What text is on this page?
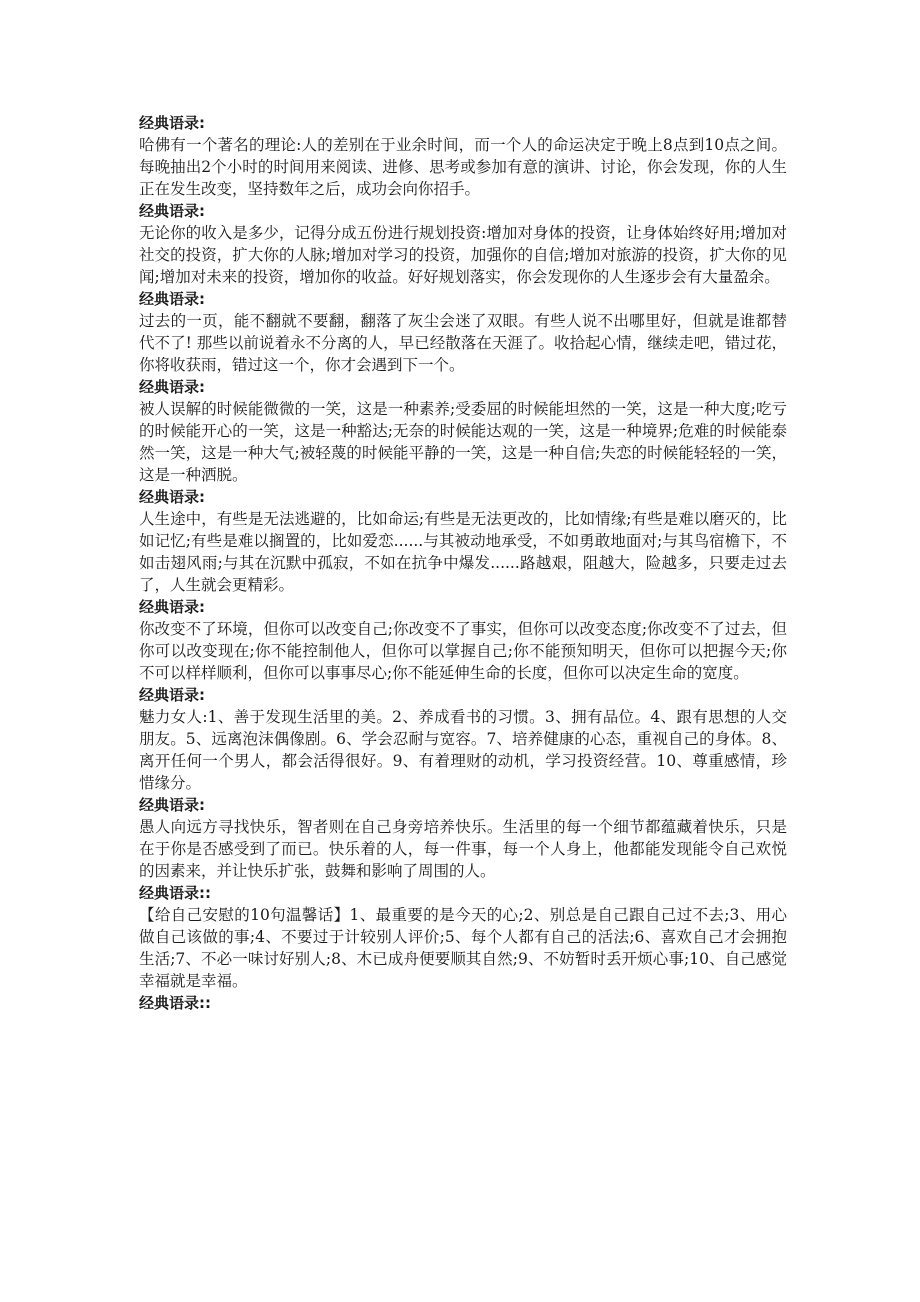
经典语录:

哈佛有一个著名的理论:人的差别在于业余时间，而一个人的命运决定于晚上8点到10点之间。每晚抽出2个小时的时间用来阅读、进修、思考或参加有意的演讲、讨论，你会发现，你的人生正在发生改变，坚持数年之后，成功会向你招手。

经典语录:

无论你的收入是多少，记得分成五份进行规划投资:增加对身体的投资，让身体始终好用;增加对社交的投资，扩大你的人脉;增加对学习的投资，加强你的自信;增加对旅游的投资，扩大你的见闻;增加对未来的投资，增加你的收益。好好规划落实，你会发现你的人生逐步会有大量盈余。

经典语录:

过去的一页，能不翻就不要翻，翻落了灰尘会迷了双眼。有些人说不出哪里好，但就是谁都替代不了! 那些以前说着永不分离的人，早已经散落在天涯了。收拾起心情，继续走吧，错过花，你将收获雨，错过这一个，你才会遇到下一个。

经典语录:

被人误解的时候能微微的一笑，这是一种素养;受委屈的时候能坦然的一笑，这是一种大度;吃亏的时候能开心的一笑，这是一种豁达;无奈的时候能达观的一笑，这是一种境界;危难的时候能泰然一笑，这是一种大气;被轻蔑的时候能平静的一笑，这是一种自信;失恋的时候能轻轻的一笑，这是一种洒脱。

经典语录:

人生途中，有些是无法逃避的，比如命运;有些是无法更改的，比如情缘;有些是难以磨灭的，比如记忆;有些是难以搁置的，比如爱恋......与其被动地承受，不如勇敢地面对;与其鸟宿檐下，不如击翅风雨;与其在沉默中孤寂，不如在抗争中爆发......路越艰，阻越大，险越多，只要走过去了，人生就会更精彩。

经典语录:

你改变不了环境，但你可以改变自己;你改变不了事实，但你可以改变态度;你改变不了过去，但你可以改变现在;你不能控制他人，但你可以掌握自己;你不能预知明天，但你可以把握今天;你不可以样样顺利，但你可以事事尽心;你不能延伸生命的长度，但你可以决定生命的宽度。

经典语录:

魅力女人:1、善于发现生活里的美。2、养成看书的习惯。3、拥有品位。4、跟有思想的人交朋友。5、远离泡沫偶像剧。6、学会忍耐与宽容。7、培养健康的心态，重视自己的身体。8、离开任何一个男人，都会活得很好。9、有着理财的动机，学习投资经营。10、尊重感情，珍惜缘分。

经典语录:

愚人向远方寻找快乐，智者则在自己身旁培养快乐。生活里的每一个细节都蕴藏着快乐，只是在于你是否感受到了而已。快乐着的人，每一件事，每一个人身上，他都能发现能令自己欢悦的因素来，并让快乐扩张，鼓舞和影响了周围的人。

经典语录::

【给自己安慰的10句温馨话】1、最重要的是今天的心;2、别总是自己跟自己过不去;3、用心做自己该做的事;4、不要过于计较别人评价;5、每个人都有自己的活法;6、喜欢自己才会拥抱生活;7、不必一味讨好别人;8、木已成舟便要顺其自然;9、不妨暂时丢开烦心事;10、自己感觉幸福就是幸福。

经典语录::
